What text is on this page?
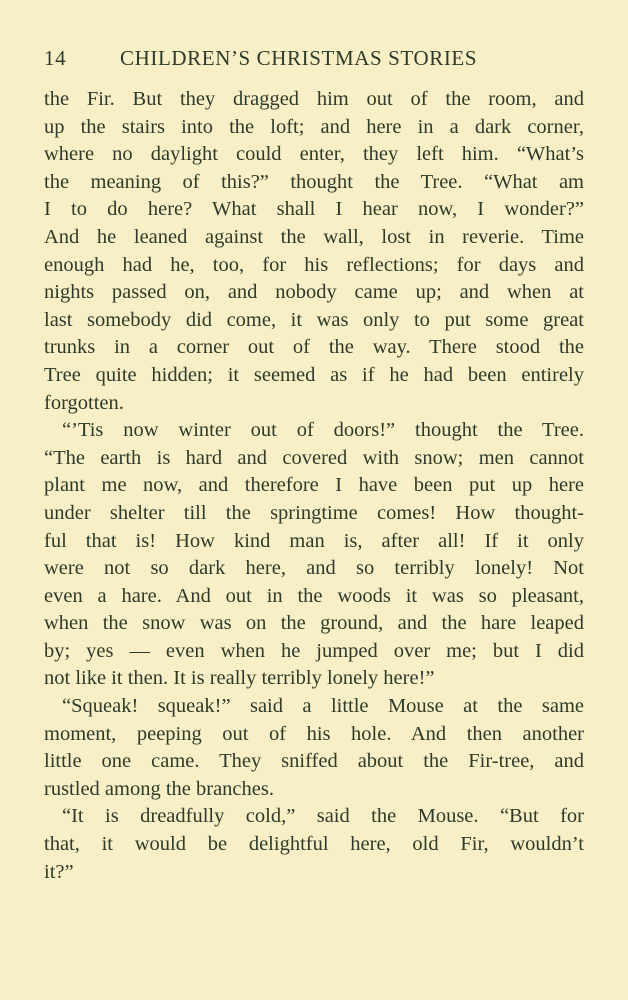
14	CHILDREN’S CHRISTMAS STORIES
the Fir. But they dragged him out of the room, and
up the stairs into the loft; and here in a dark corner,
where no daylight could enter, they left him. “What’s
the meaning of this?” thought the Tree. “What am
I to do here? What shall I hear now, I wonder?”
And he leaned against the wall, lost in reverie. Time
enough had he, too, for his reflections; for days and
nights passed on, and nobody came up; and when at
last somebody did come, it was only to put some great
trunks in a corner out of the way. There stood the
Tree quite hidden; it seemed as if he had been entirely
forgotten.
“’Tis now winter out of doors!” thought the Tree.
“The earth is hard and covered with snow; men cannot
plant me now, and therefore I have been put up here
under shelter till the springtime comes! How thought-
ful that is! How kind man is, after all! If it only
were not so dark here, and so terribly lonely! Not
even a hare. And out in the woods it was so pleasant,
when the snow was on the ground, and the hare leaped
by; yes — even when he jumped over me; but I did
not like it then. It is really terribly lonely here!”
“Squeak! squeak!” said a little Mouse at the same
moment, peeping out of his hole. And then another
little one came. They sniffed about the Fir-tree, and
rustled among the branches.
“It is dreadfully cold,” said the Mouse. “But for
that, it would be delightful here, old Fir, wouldn’t
it?”
